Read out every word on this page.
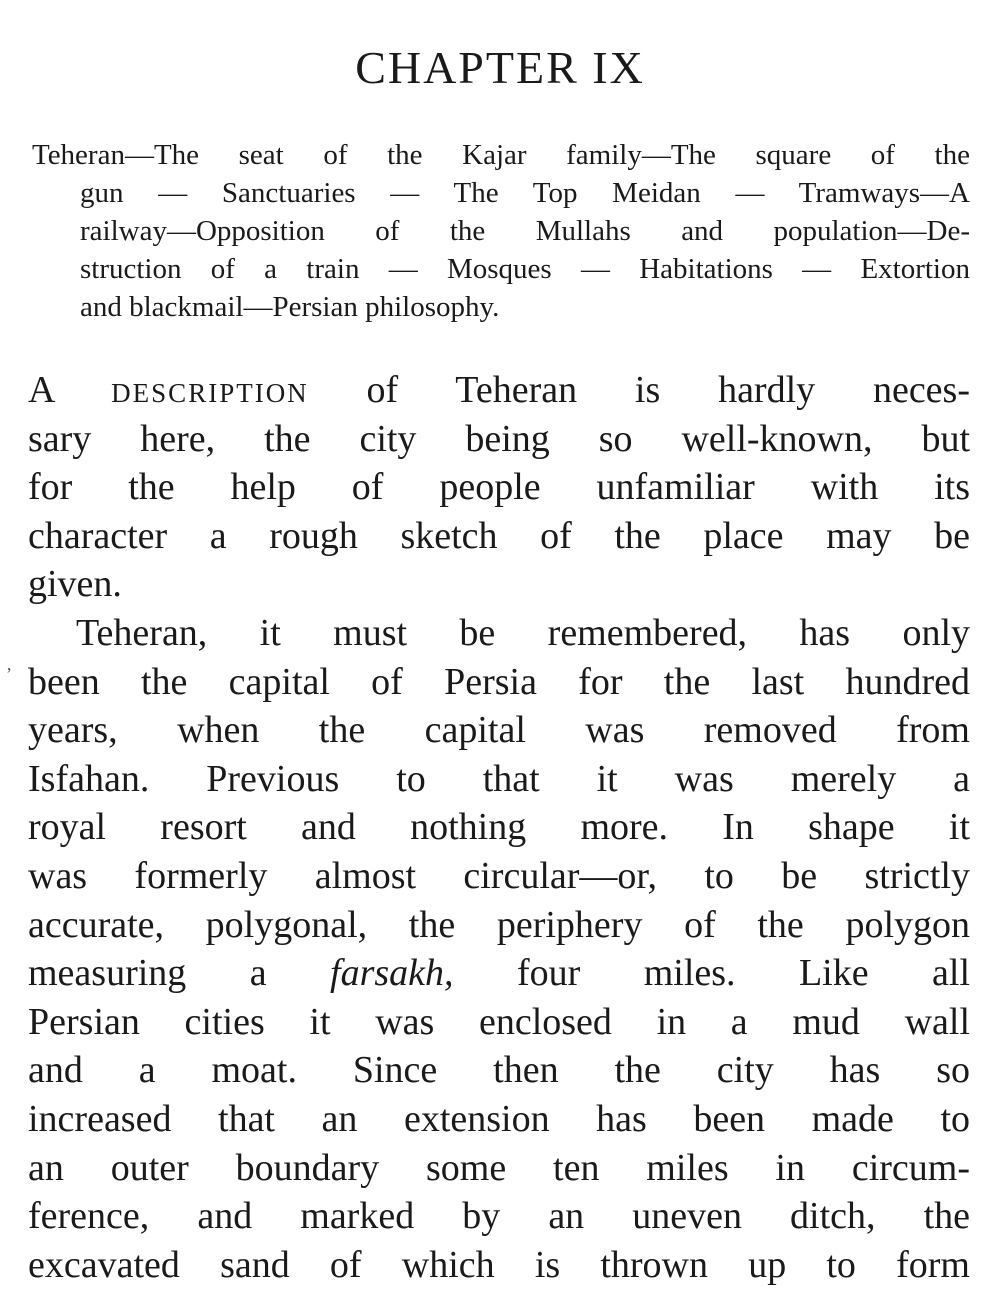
CHAPTER IX
Teheran—The seat of the Kajar family—The square of the
gun — Sanctuaries — The Top Meidan — Tramways—A
railway—Opposition of the Mullahs and population—De-
struction of a train — Mosques — Habitations — Extortion
and blackmail—Persian philosophy.
A description of Teheran is hardly neces-
sary here, the city being so well-known, but
for the help of people unfamiliar with its
character a rough sketch of the place may be
given.
Teheran, it must be remembered, has only
been the capital of Persia for the last hundred
years, when the capital was removed from
Isfahan. Previous to that it was merely a
royal resort and nothing more. In shape it
was formerly almost circular—or, to be strictly
accurate, polygonal, the periphery of the polygon
measuring a farsakh, four miles. Like all
Persian cities it was enclosed in a mud wall
and a moat. Since then the city has so
increased that an extension has been made to
an outer boundary some ten miles in circum-
ference, and marked by an uneven ditch, the
excavated sand of which is thrown up to form
ʼ
